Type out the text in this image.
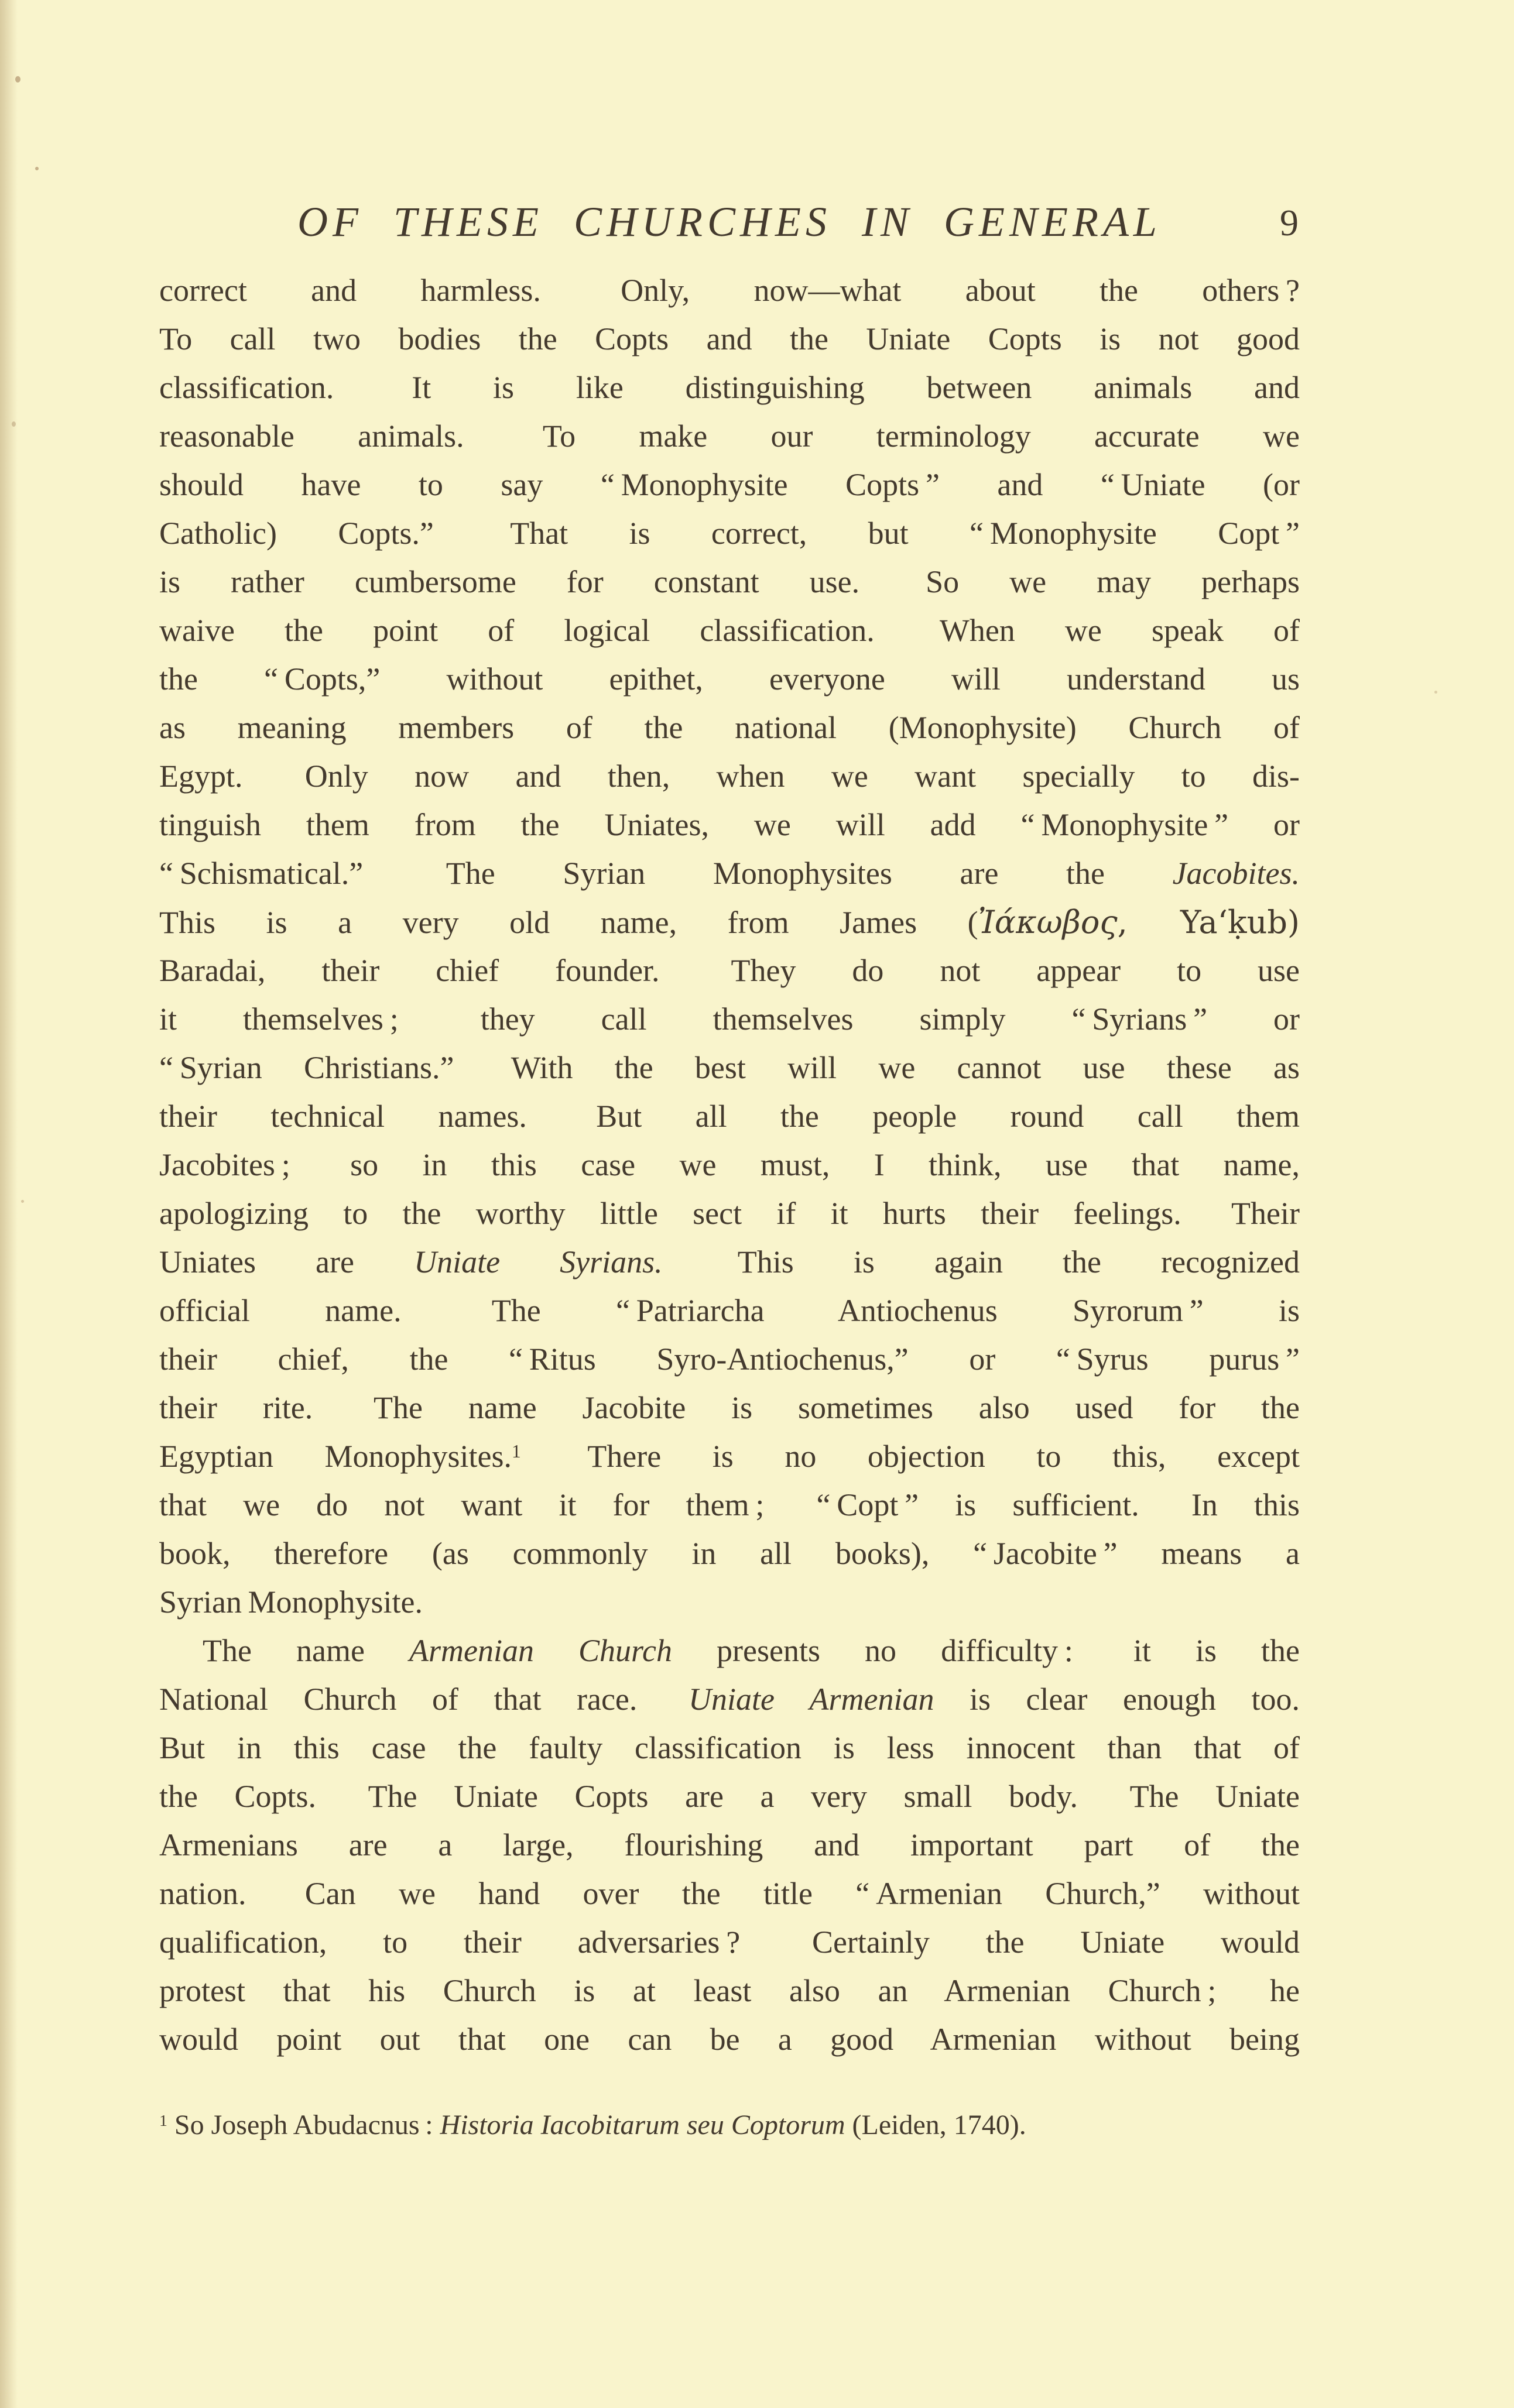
OF THESE CHURCHES IN GENERAL	9
correct and harmless.  Only, now—what about the others ?
To call two bodies the Copts and the Uniate Copts is not good
classification.  It is like distinguishing between animals and
reasonable animals.  To make our terminology accurate we
should have to say “ Monophysite Copts ” and “ Uniate (or
Catholic) Copts.”  That is correct, but “ Monophysite Copt ”
is rather cumbersome for constant use.  So we may perhaps
waive the point of logical classification.  When we speak of
the “ Copts,” without epithet, everyone will understand us
as meaning members of the national (Monophysite) Church of
Egypt.  Only now and then, when we want specially to dis-
tinguish them from the Uniates, we will add “ Monophysite ” or
“ Schismatical.”  The Syrian Monophysites are the Jacobites.
This is a very old name, from James (Ἰάκωβος, Ya‘ḳub)
Baradai, their chief founder.  They do not appear to use
it themselves ;  they call themselves simply “ Syrians ” or
“ Syrian Christians.”  With the best will we cannot use these as
their technical names.  But all the people round call them
Jacobites ;  so in this case we must, I think, use that name,
apologizing to the worthy little sect if it hurts their feelings.  Their
Uniates are Uniate Syrians.  This is again the recognized
official name.  The “ Patriarcha Antiochenus Syrorum ” is
their chief, the “ Ritus Syro-Antiochenus,” or “ Syrus purus ”
their rite.  The name Jacobite is sometimes also used for the
Egyptian Monophysites.$^1$  There is no objection to this, except
that we do not want it for them ;  “ Copt ” is sufficient.  In this
book, therefore (as commonly in all books), “ Jacobite ” means a
Syrian Monophysite.
The name Armenian Church presents no difficulty :  it is the
National Church of that race.  Uniate Armenian is clear enough too.
But in this case the faulty classification is less innocent than that of
the Copts.  The Uniate Copts are a very small body.  The Uniate
Armenians are a large, flourishing and important part of the
nation.  Can we hand over the title “ Armenian Church,” without
qualification, to their adversaries ?  Certainly the Uniate would
protest that his Church is at least also an Armenian Church ;  he
would point out that one can be a good Armenian without being
$^1$ So Joseph Abudacnus : Historia Iacobitarum seu Coptorum (Leiden, 1740).
